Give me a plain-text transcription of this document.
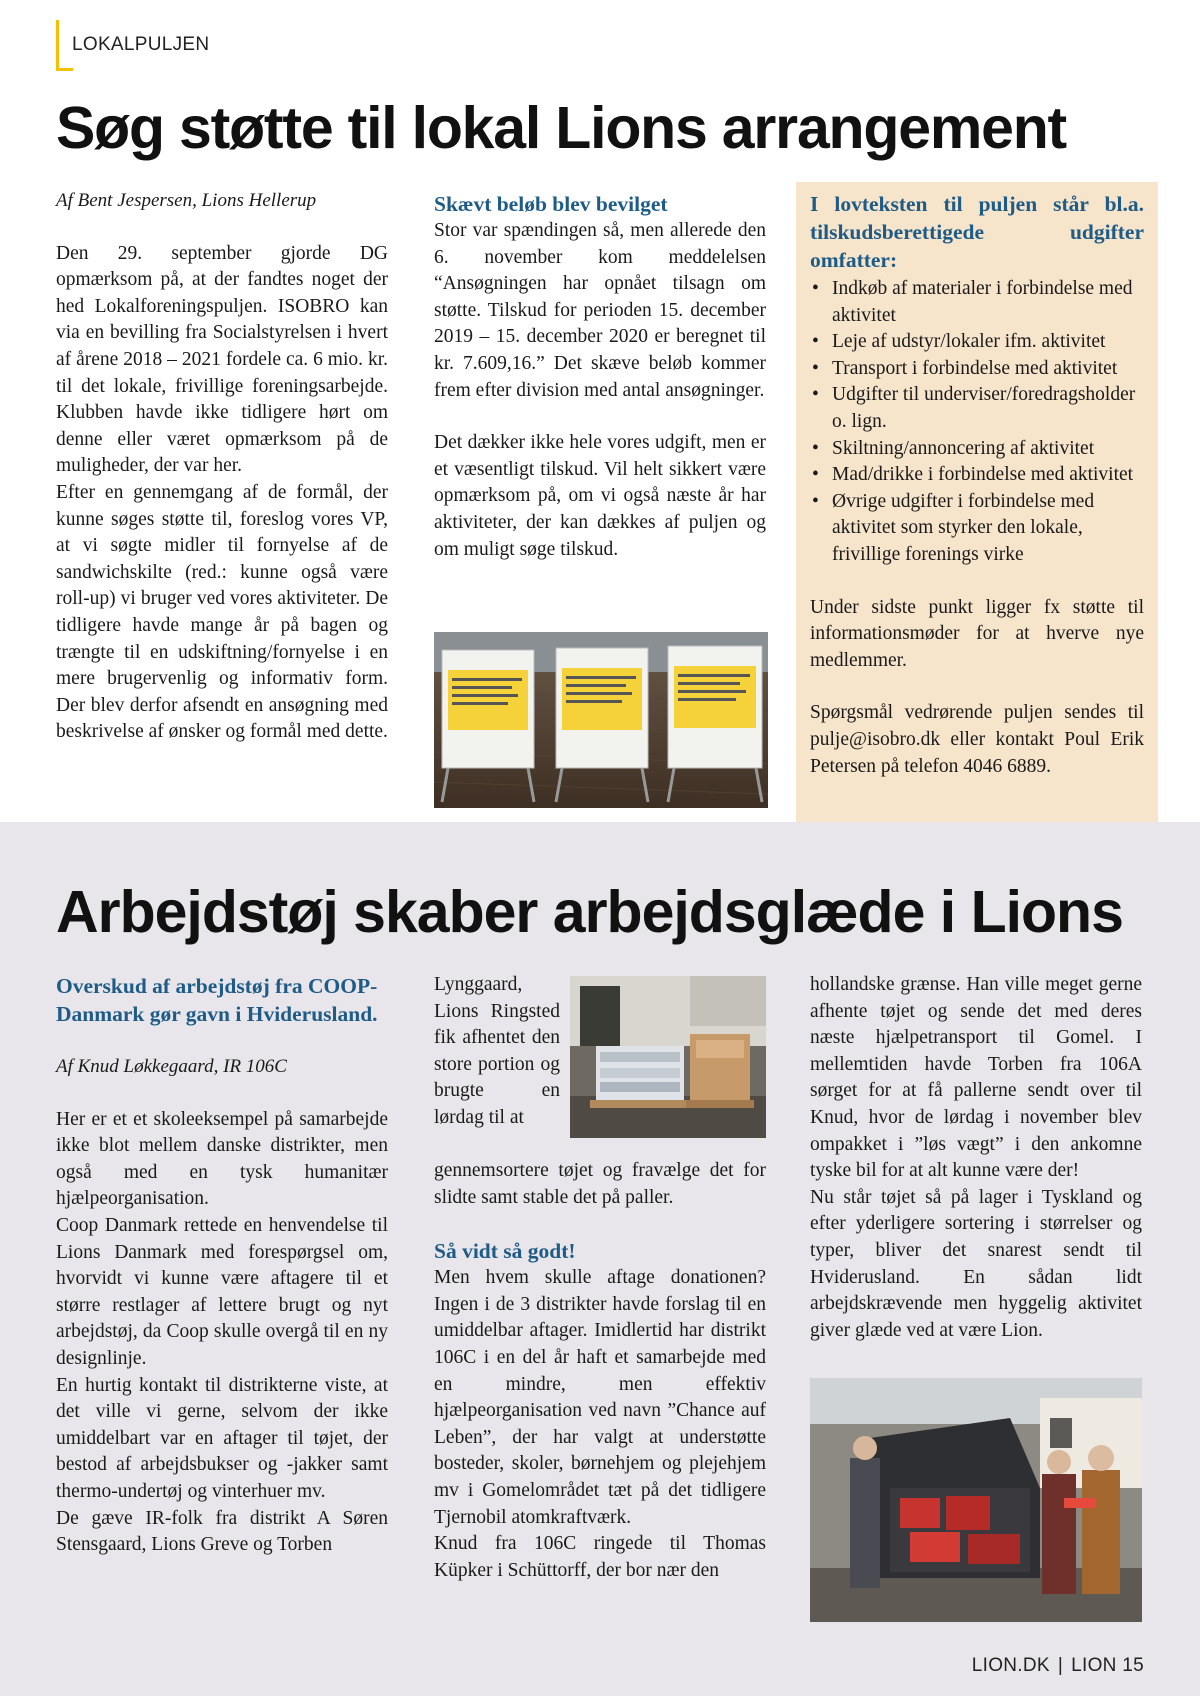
LOKALPULJEN
Søg støtte til lokal Lions arrangement

Af Bent Jespersen, Lions Hellerup

Den 29. september gjorde DG opmærksom på, at der fandtes noget der hed Lokalforeningspuljen. ISOBRO kan via en bevilling fra Socialstyrelsen i hvert af årene 2018 – 2021 fordele ca. 6 mio. kr. til det lokale, frivillige foreningsarbejde. Klubben havde ikke tidligere hørt om denne eller været opmærksom på de muligheder, der var her.

Efter en gennemgang af de formål, der kunne søges støtte til, foreslog vores VP, at vi søgte midler til fornyelse af de sandwichskilte (red.: kunne også være roll-up) vi bruger ved vores aktiviteter. De tidligere havde mange år på bagen og trængte til en udskiftning/fornyelse i en mere brugervenlig og informativ form. Der blev derfor afsendt en ansøgning med beskrivelse af ønsker og formål med dette.

Skævt beløb blev bevilget

Stor var spændingen så, men allerede den 6. november kom meddelelsen “Ansøgningen har opnået tilsagn om støtte. Tilskud for perioden 15. december 2019 – 15. december 2020 er beregnet til kr. 7.609,16.” Det skæve beløb kommer frem efter division med antal ansøgninger.

Det dækker ikke hele vores udgift, men er et væsentligt tilskud. Vil helt sikkert være opmærksom på, om vi også næste år har aktiviteter, der kan dækkes af puljen og om muligt søge tilskud.

I lovteksten til puljen står bl.a. tilskudsberettigede udgifter omfatter:

• Indkøb af materialer i forbindelse med aktivitet
• Leje af udstyr/lokaler ifm. aktivitet
• Transport i forbindelse med aktivitet
• Udgifter til underviser/foredragsholder o. lign.
• Skiltning/annoncering af aktivitet
• Mad/drikke i forbindelse med aktivitet
• Øvrige udgifter i forbindelse med aktivitet som styrker den lokale, frivillige forenings virke

Under sidste punkt ligger fx støtte til informationsmøder for at hverve nye medlemmer.

Spørgsmål vedrørende puljen sendes til pulje@isobro.dk eller kontakt Poul Erik Petersen på telefon 4046 6889.

Arbejdstøj skaber arbejdsglæde i Lions

Overskud af arbejdstøj fra COOP-Danmark gør gavn i Hviderusland.

Af Knud Løkkegaard, IR 106C

Her er et et skoleeksempel på samarbejde ikke blot mellem danske distrikter, men også med en tysk humanitær hjælpeorganisation.

Coop Danmark rettede en henvendelse til Lions Danmark med forespørgsel om, hvorvidt vi kunne være aftagere til et større restlager af lettere brugt og nyt arbejdstøj, da Coop skulle overgå til en ny designlinje.

En hurtig kontakt til distrikterne viste, at det ville vi gerne, selvom der ikke umiddelbart var en aftager til tøjet, der bestod af arbejdsbukser og -jakker samt thermo-undertøj og vinterhuer mv.

De gæve IR-folk fra distrikt A Søren Stensgaard, Lions Greve og Torben

Lynggaard, Lions Ringsted fik afhentet den store portion og brugte en lørdag til at

gennemsortere tøjet og fravælge det for slidte samt stable det på paller.

Så vidt så godt!

Men hvem skulle aftage donationen? Ingen i de 3 distrikter havde forslag til en umiddelbar aftager. Imidlertid har distrikt 106C i en del år haft et samarbejde med en mindre, men effektiv hjælpeorganisation ved navn ”Chance auf Leben”, der har valgt at understøtte bosteder, skoler, børnehjem og plejehjem mv i Gomelområdet tæt på det tidligere Tjernobil atomkraftværk.

Knud fra 106C ringede til Thomas Küpker i Schüttorff, der bor nær den

hollandske grænse. Han ville meget gerne afhente tøjet og sende det med deres næste hjælpetransport til Gomel. I mellemtiden havde Torben fra 106A sørget for at få pallerne sendt over til Knud, hvor de lørdag i november blev ompakket i ”løs vægt” i den ankomne tyske bil for at alt kunne være der!

Nu står tøjet så på lager i Tyskland og efter yderligere sortering i størrelser og typer, bliver det snarest sendt til Hviderusland. En sådan lidt arbejdskrævende men hyggelig aktivitet giver glæde ved at være Lion.

LION.DK | LION 15
